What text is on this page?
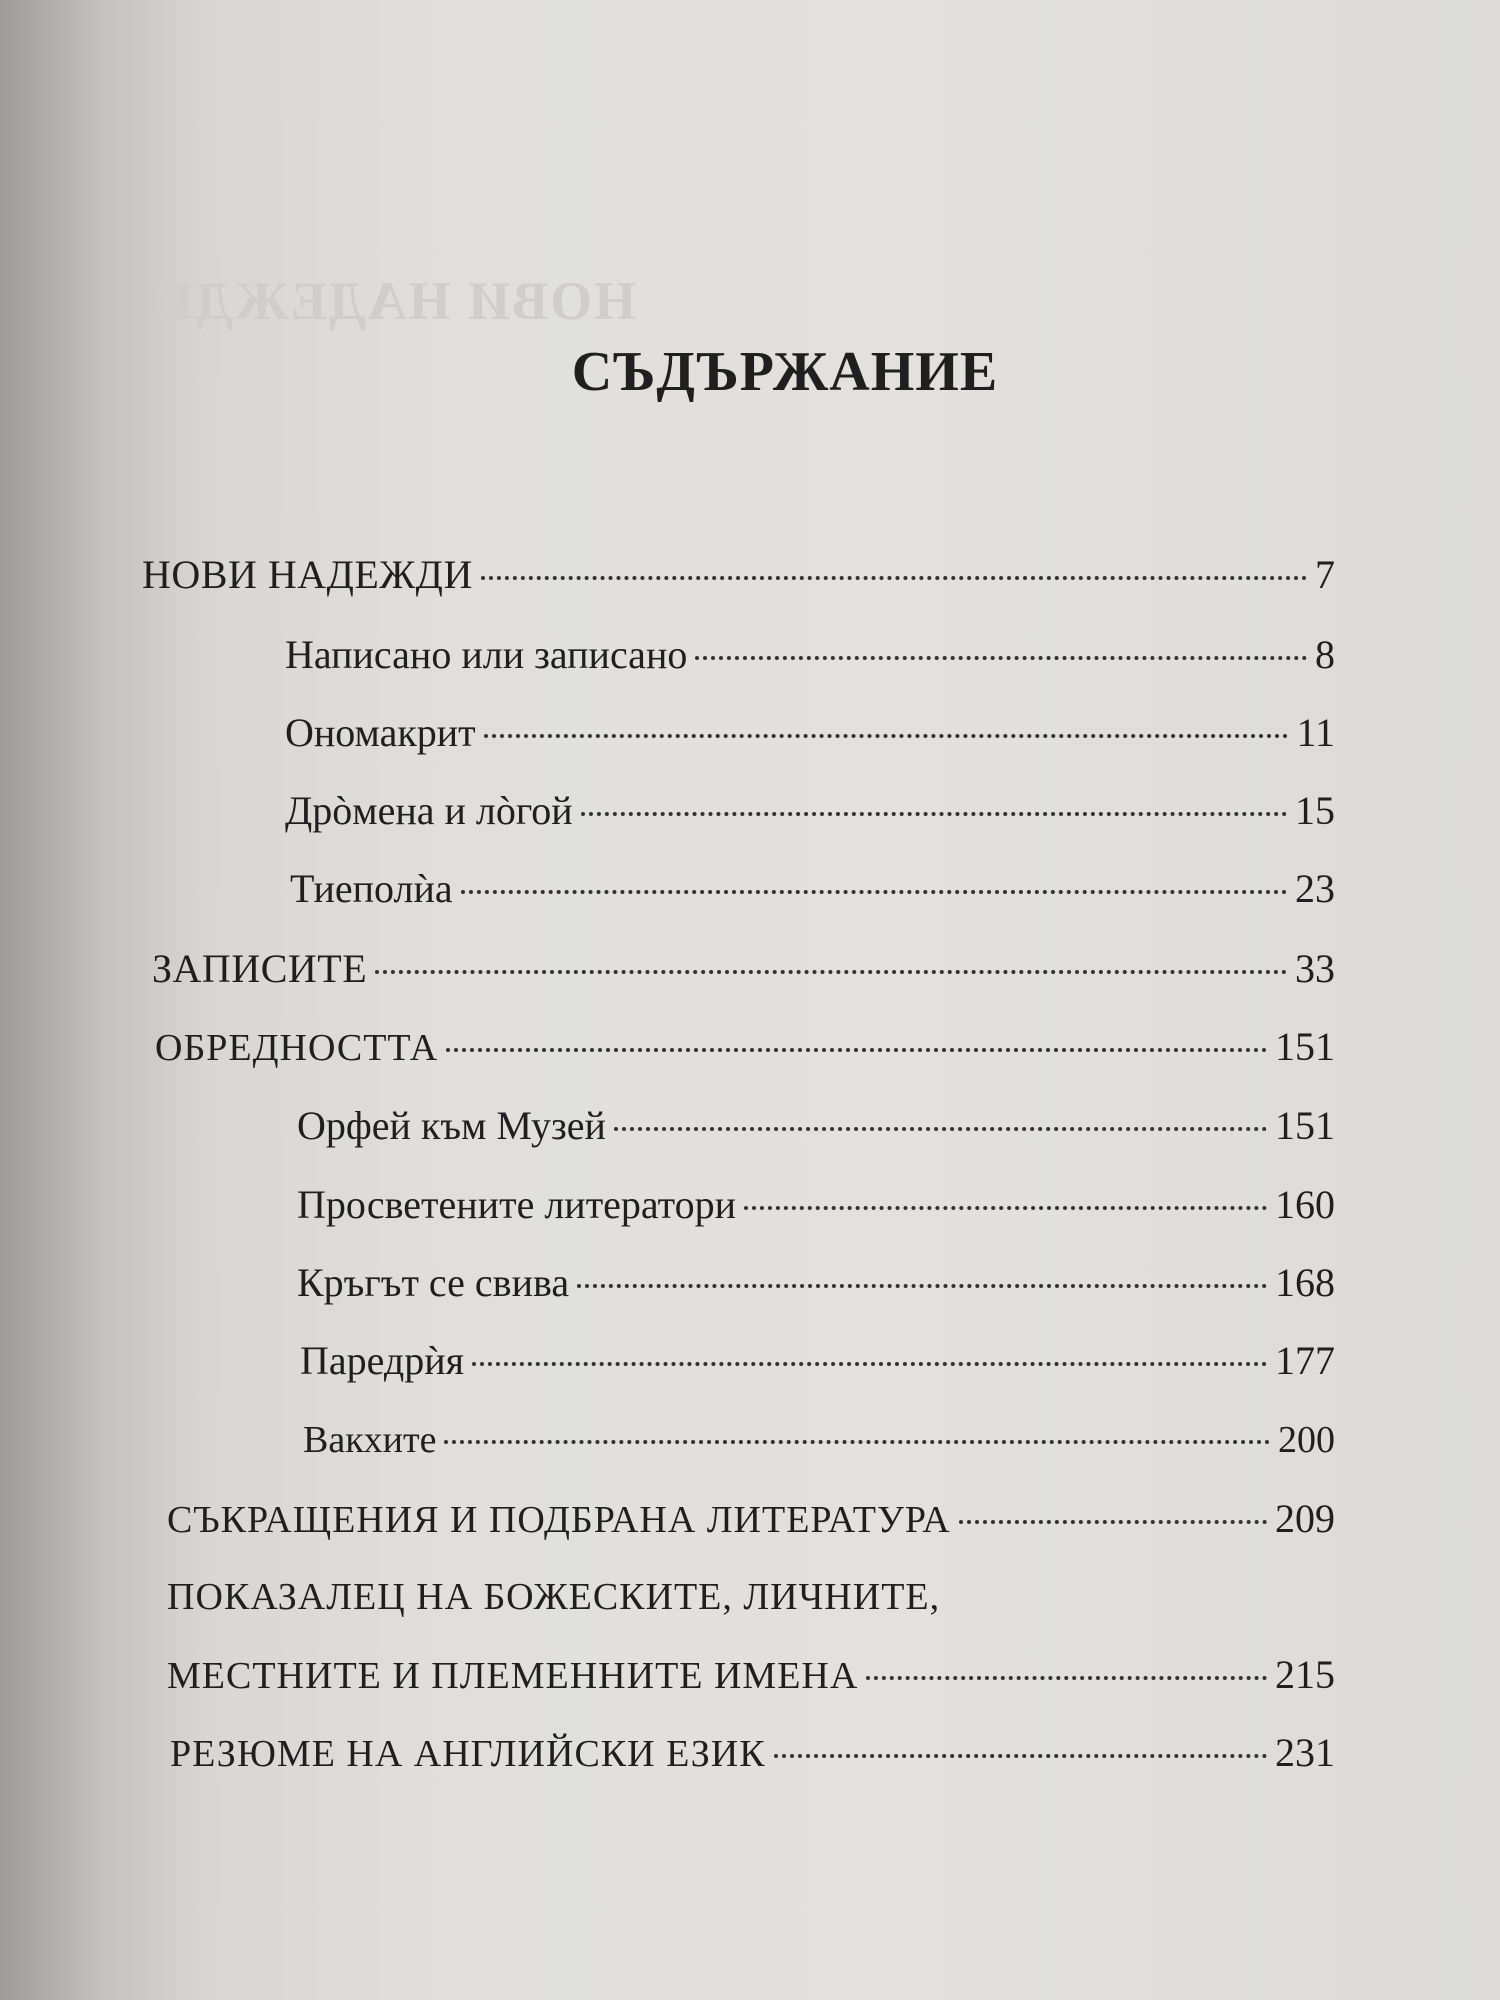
НОВИ НАДЕЖДИ
СЪДЪРЖАНИЕ
НОВИ НАДЕЖДИ	7
Написано или записано	8
Ономакрит	11
Дрòмена и лòгой	15
Тиеполѝа	23
ЗАПИСИТЕ	33
ОБРЕДНОСТТА	151
Орфей към Музей	151
Просветените литератори	160
Кръгът се свива	168
Паредрѝя	177
Вакхите	200
СЪКРАЩЕНИЯ И ПОДБРАНА ЛИТЕРАТУРА	209
ПОКАЗАЛЕЦ НА БОЖЕСКИТЕ, ЛИЧНИТЕ,
МЕСТНИТЕ И ПЛЕМЕННИТЕ ИМЕНА	215
РЕЗЮМЕ НА АНГЛИЙСКИ ЕЗИК	231
